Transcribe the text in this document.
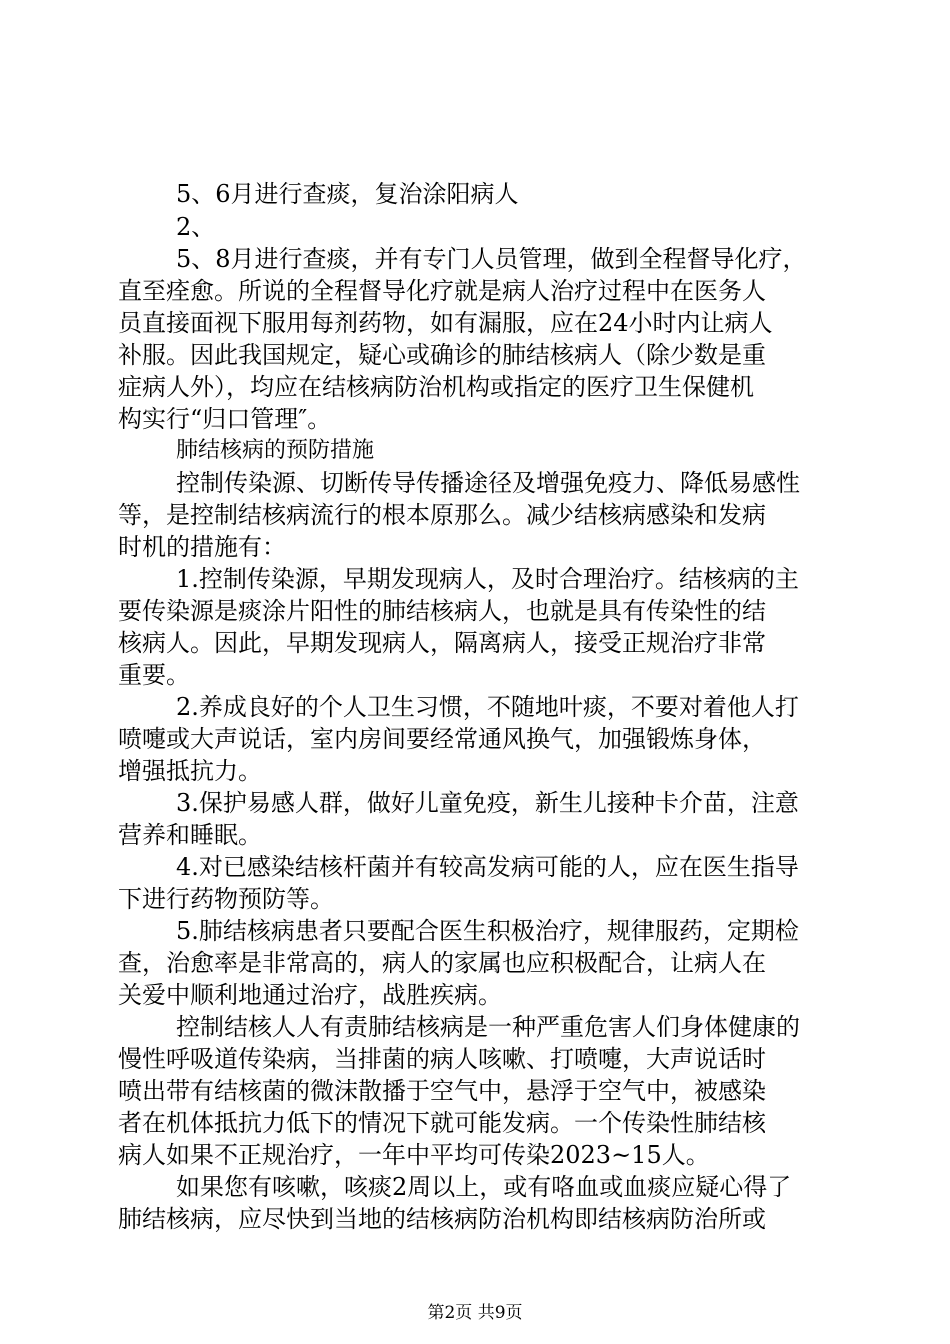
5、6月进行查痰，复治涂阳病人
2、
5、8月进行查痰，并有专门人员管理，做到全程督导化疗，
直至痊愈。所说的全程督导化疗就是病人治疗过程中在医务人
员直接面视下服用每剂药物，如有漏服，应在24小时内让病人
补服。因此我国规定，疑心或确诊的肺结核病人（除少数是重
症病人外），均应在结核病防治机构或指定的医疗卫生保健机
构实行“归口管理″。
肺结核病的预防措施
控制传染源、切断传导传播途径及增强免疫力、降低易感性
等，是控制结核病流行的根本原那么。减少结核病感染和发病
时机的措施有：
1.控制传染源，早期发现病人，及时合理治疗。结核病的主
要传染源是痰涂片阳性的肺结核病人，也就是具有传染性的结
核病人。因此，早期发现病人，隔离病人，接受正规治疗非常
重要。
2.养成良好的个人卫生习惯，不随地叶痰，不要对着他人打
喷嚏或大声说话，室内房间要经常通风换气，加强锻炼身体，
增强抵抗力。
3.保护易感人群，做好儿童免疫，新生儿接种卡介苗，注意
营养和睡眠。
4.对已感染结核杆菌并有较高发病可能的人，应在医生指导
下进行药物预防等。
5.肺结核病患者只要配合医生积极治疗，规律服药，定期检
查，治愈率是非常高的，病人的家属也应积极配合，让病人在
关爱中顺利地通过治疗，战胜疾病。
控制结核人人有责肺结核病是一种严重危害人们身体健康的
慢性呼吸道传染病，当排菌的病人咳嗽、打喷嚏，大声说话时
喷出带有结核菌的微沫散播于空气中，悬浮于空气中，被感染
者在机体抵抗力低下的情况下就可能发病。一个传染性肺结核
病人如果不正规治疗，一年中平均可传染2023~15人。
如果您有咳嗽，咳痰2周以上，或有咯血或血痰应疑心得了
肺结核病，应尽快到当地的结核病防治机构即结核病防治所或
第2页 共9页
